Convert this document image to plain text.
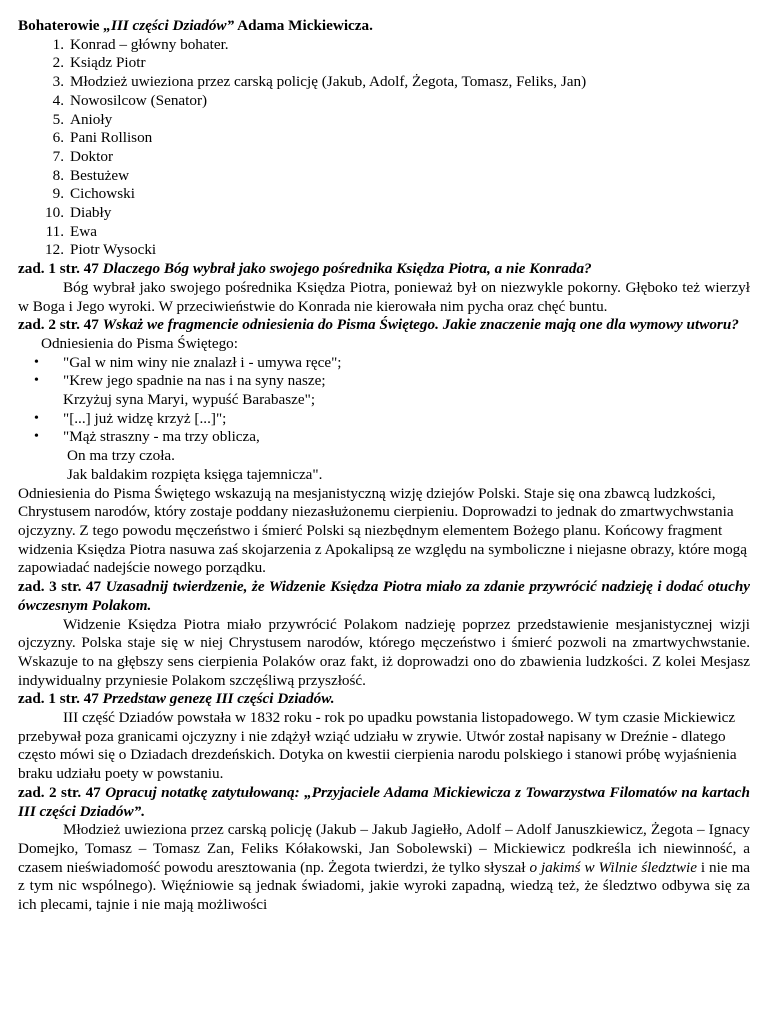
Bohaterowie „III części Dziadów” Adama Mickiewicza.
1. Konrad – główny bohater.
2. Ksiądz Piotr
3. Młodzież uwieziona przez carską policję (Jakub, Adolf, Żegota, Tomasz, Feliks, Jan)
4. Nowosilcow (Senator)
5. Anioły
6. Pani Rollison
7. Doktor
8. Bestużew
9. Cichowski
10. Diabły
11. Ewa
12. Piotr Wysocki
zad. 1 str. 47 Dlaczego Bóg wybrał jako swojego pośrednika Księdza Piotra, a nie Konrada?

Bóg wybrał jako swojego pośrednika Księdza Piotra, ponieważ był on niezwykle pokorny. Głęboko też wierzył w Boga i Jego wyroki. W przeciwieństwie do Konrada nie kierowała nim pycha oraz chęć buntu.

zad. 2 str. 47 Wskaż we fragmencie odniesienia do Pisma Świętego. Jakie znaczenie mają one dla wymowy utworu?

Odniesienia do Pisma Świętego:

• "Gal w nim winy nie znalazł i - umywa ręce";
• "Krew jego spadnie na nas i na syny nasze;
Krzyżuj syna Maryi, wypuść Barabasze";
• "[...] już widzę krzyż [...]";
• "Mąż straszny - ma trzy oblicza,
On ma trzy czoła.
Jak baldakim rozpięta księga tajemnicza".

Odniesienia do Pisma Świętego wskazują na mesjanistyczną wizję dziejów Polski. Staje się ona zbawcą ludzkości, Chrystusem narodów, który zostaje poddany niezasłużonemu cierpieniu. Doprowadzi to jednak do zmartwychwstania ojczyzny. Z tego powodu męczeństwo i śmierć Polski są niezbędnym elementem Bożego planu. Końcowy fragment widzenia Księdza Piotra nasuwa zaś skojarzenia z Apokalipsą ze względu na symboliczne i niejasne obrazy, które mogą zapowiadać nadejście nowego porządku.

zad. 3 str. 47 Uzasadnij twierdzenie, że Widzenie Księdza Piotra miało za zdanie przywrócić nadzieję i dodać otuchy ówczesnym Polakom.

Widzenie Księdza Piotra miało przywrócić Polakom nadzieję poprzez przedstawienie mesjanistycznej wizji ojczyzny. Polska staje się w niej Chrystusem narodów, którego męczeństwo i śmierć pozwoli na zmartwychwstanie. Wskazuje to na głębszy sens cierpienia Polaków oraz fakt, iż doprowadzi ono do zbawienia ludzkości. Z kolei Mesjasz indywidualny przyniesie Polakom szczęśliwą przyszłość.

zad. 1 str. 47 Przedstaw genezę III części Dziadów.

III część Dziadów powstała w 1832 roku - rok po upadku powstania listopadowego. W tym czasie Mickiewicz przebywał poza granicami ojczyzny i nie zdążył wziąć udziału w zrywie. Utwór został napisany w Dreźnie - dlatego często mówi się o Dziadach drezdeńskich. Dotyka on kwestii cierpienia narodu polskiego i stanowi próbę wyjaśnienia braku udziału poety w powstaniu.

zad. 2 str. 47 Opracuj notatkę zatytułowaną: „Przyjaciele Adama Mickiewicza z Towarzystwa Filomatów na kartach III części Dziadów”.

Młodzież uwieziona przez carską policję (Jakub – Jakub Jagiełło, Adolf – Adolf Januszkiewicz, Żegota – Ignacy Domejko, Tomasz – Tomasz Zan, Feliks Kółakowski, Jan Sobolewski) – Mickiewicz podkreśla ich niewinność, a czasem nieświadomość powodu aresztowania (np. Żegota twierdzi, że tylko słyszał o jakimś w Wilnie śledztwie i nie ma z tym nic wspólnego). Więźniowie są jednak świadomi, jakie wyroki zapadną, wiedzą też, że śledztwo odbywa się za ich plecami, tajnie i nie mają możliwości
